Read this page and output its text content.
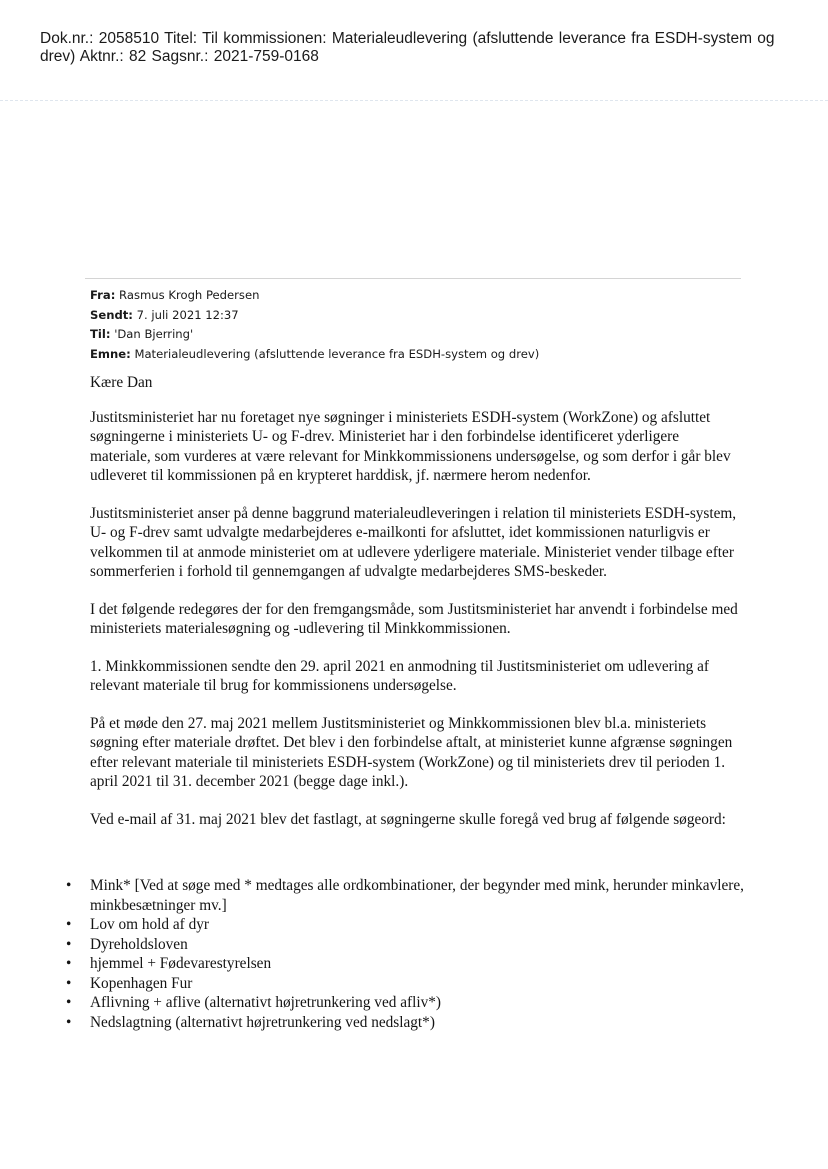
Dok.nr.: 2058510 Titel: Til kommissionen: Materialeudlevering (afsluttende leverance fra ESDH-system og
drev) Aktnr.: 82 Sagsnr.: 2021-759-0168
Fra: Rasmus Krogh Pedersen
Sendt: 7. juli 2021 12:37
Til: 'Dan Bjerring'
Emne: Materialeudlevering (afsluttende leverance fra ESDH-system og drev)

Kære Dan

Justitsministeriet har nu foretaget nye søgninger i ministeriets ESDH-system (WorkZone) og afsluttet søgningerne i ministeriets U- og F-drev. Ministeriet har i den forbindelse identificeret yderligere materiale, som vurderes at være relevant for Minkkommissionens undersøgelse, og som derfor i går blev udleveret til kommissionen på en krypteret harddisk, jf. nærmere herom nedenfor.

Justitsministeriet anser på denne baggrund materialeudleveringen i relation til ministeriets ESDH-system, U- og F-drev samt udvalgte medarbejderes e-mailkonti for afsluttet, idet kommissionen naturligvis er velkommen til at anmode ministeriet om at udlevere yderligere materiale. Ministeriet vender tilbage efter sommerferien i forhold til gennemgangen af udvalgte medarbejderes SMS-beskeder.

I det følgende redegøres der for den fremgangsmåde, som Justitsministeriet har anvendt i forbindelse med ministeriets materialesøgning og -udlevering til Minkkommissionen.

1. Minkkommissionen sendte den 29. april 2021 en anmodning til Justitsministeriet om udlevering af relevant materiale til brug for kommissionens undersøgelse.

På et møde den 27. maj 2021 mellem Justitsministeriet og Minkkommissionen blev bl.a. ministeriets søgning efter materiale drøftet. Det blev i den forbindelse aftalt, at ministeriet kunne afgrænse søgningen efter relevant materiale til ministeriets ESDH-system (WorkZone) og til ministeriets drev til perioden 1. april 2021 til 31. december 2021 (begge dage inkl.).

Ved e-mail af 31. maj 2021 blev det fastlagt, at søgningerne skulle foregå ved brug af følgende søgeord:

• Mink* [Ved at søge med * medtages alle ordkombinationer, der begynder med mink, herunder minkavlere, minkbesætninger mv.]
• Lov om hold af dyr
• Dyreholdsloven
• hjemmel + Fødevarestyrelsen
• Kopenhagen Fur
• Aflivning + aflive (alternativt højretrunkering ved afliv*)
• Nedslagtning (alternativt højretrunkering ved nedslagt*)
